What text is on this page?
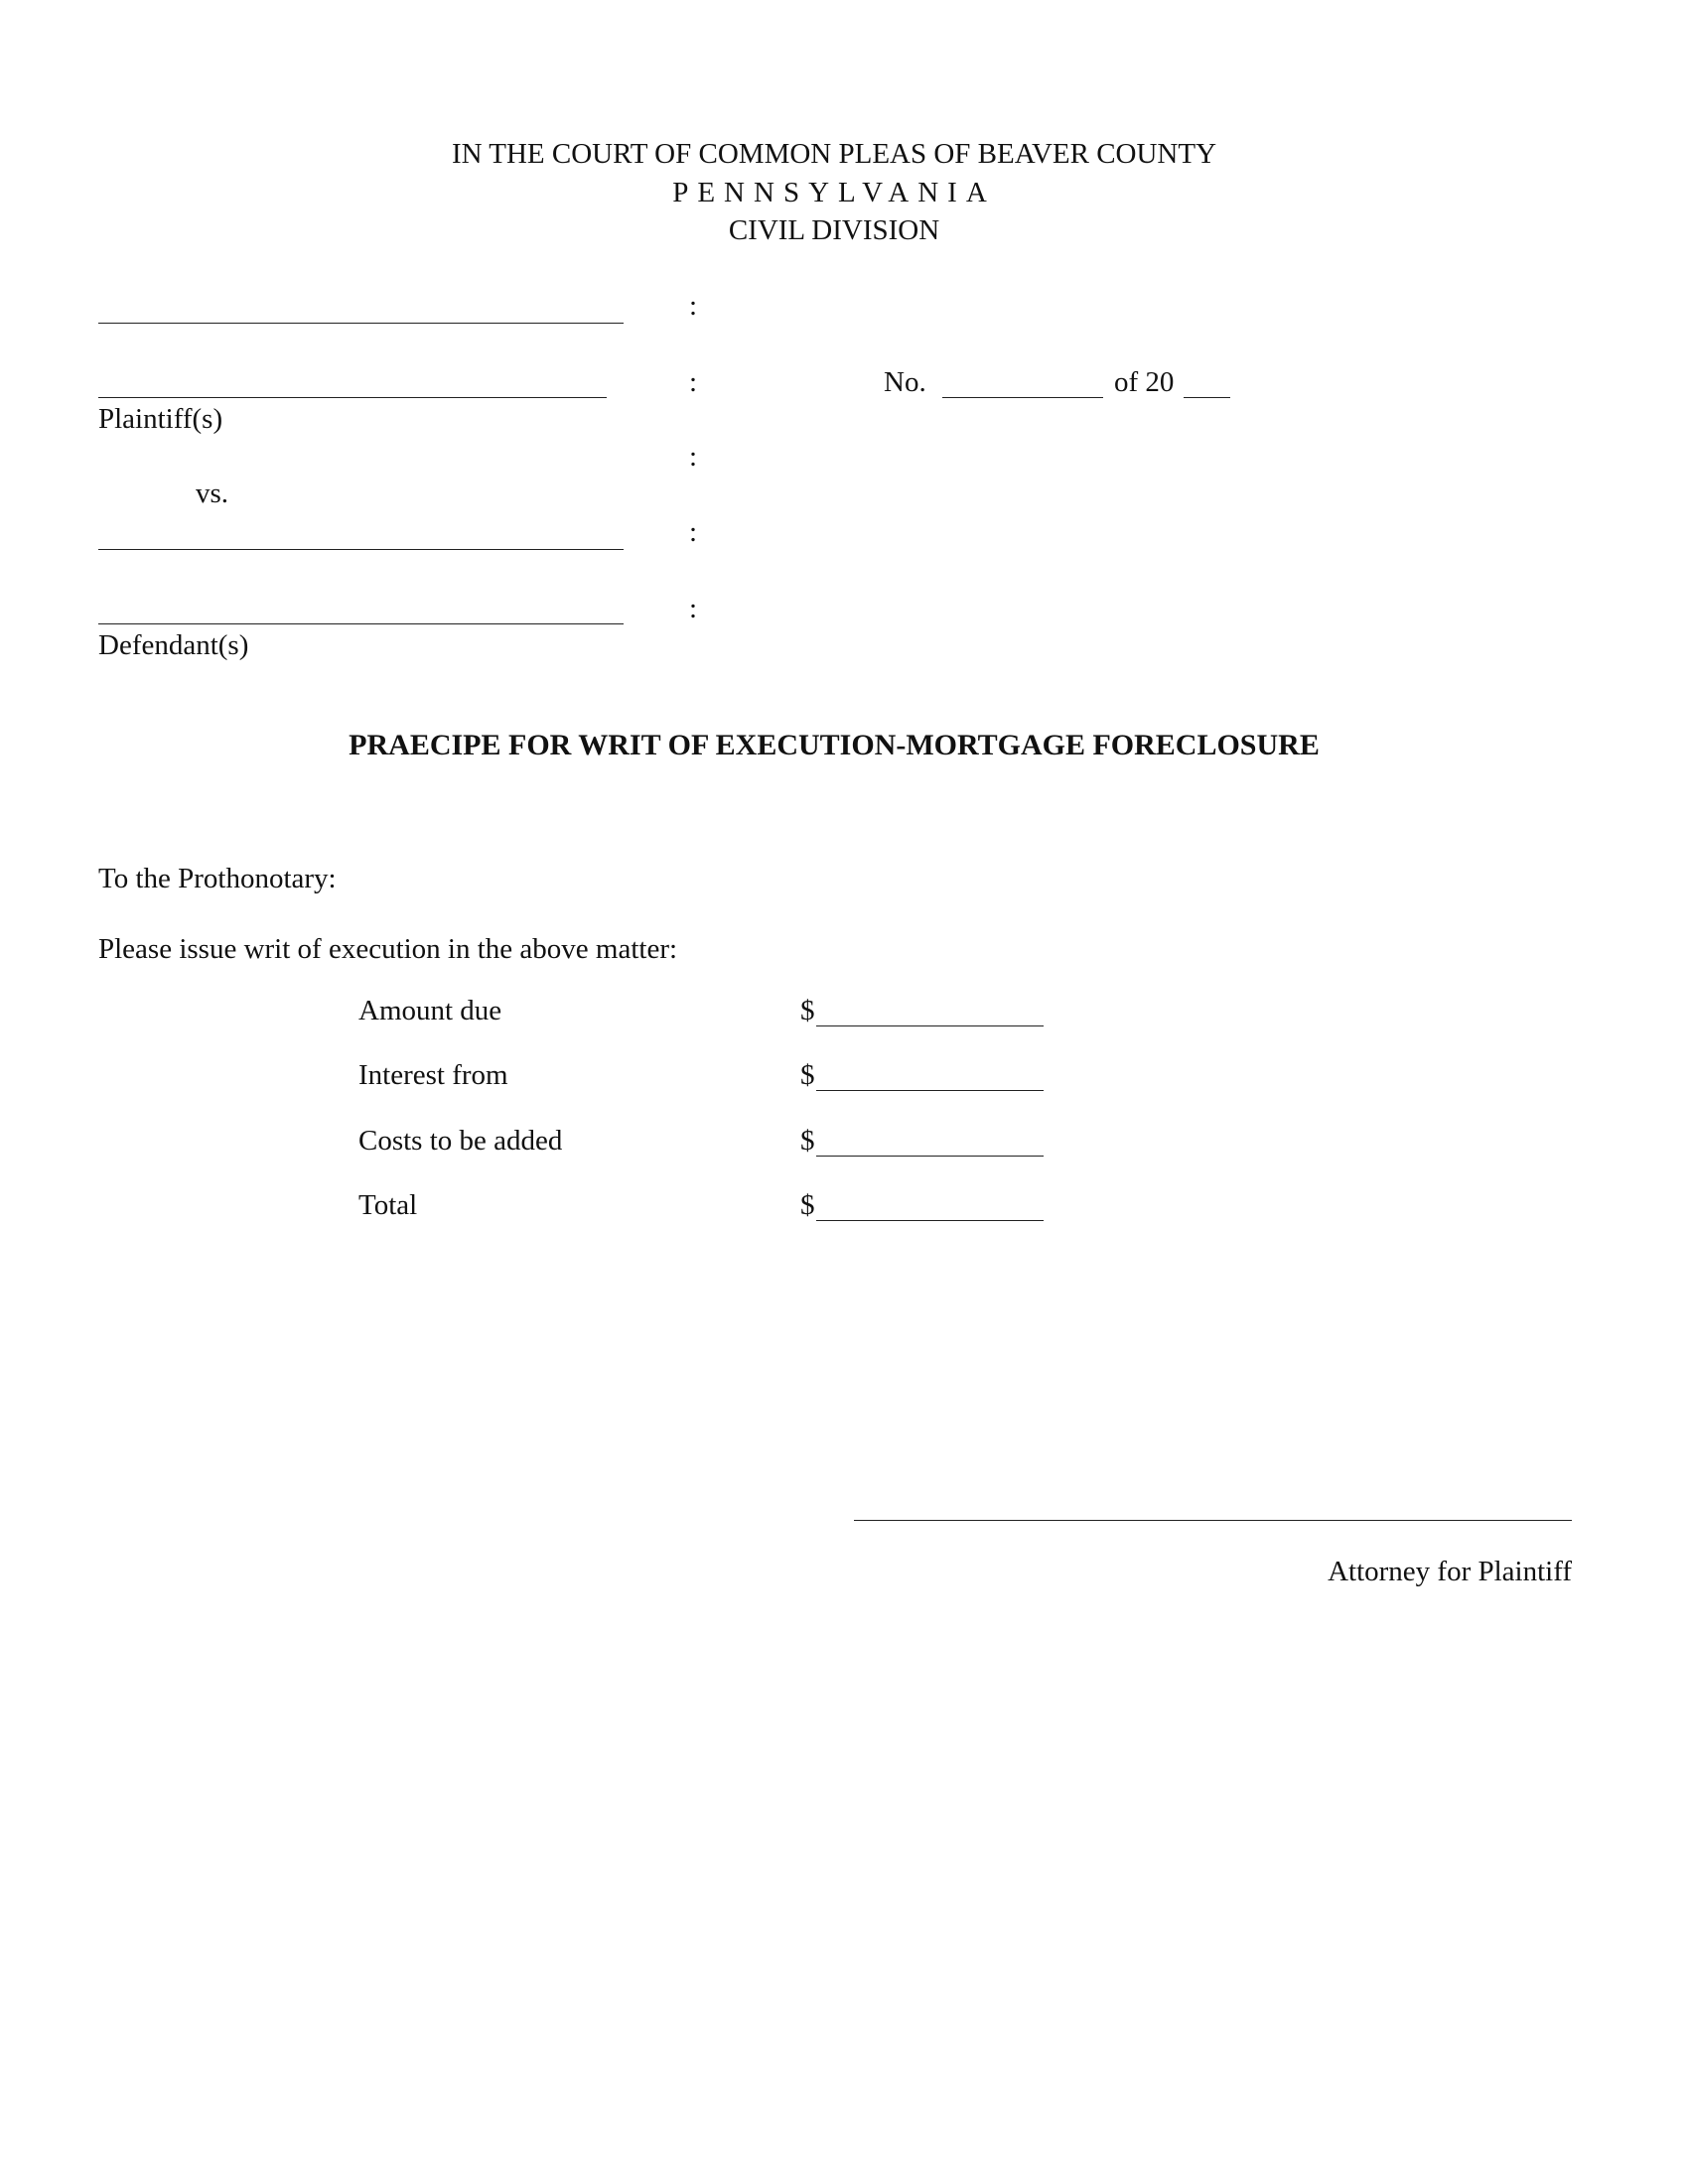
IN THE COURT OF COMMON PLEAS OF BEAVER COUNTY
PENNSYLVANIA
CIVIL DIVISION
Plaintiff(s)
vs.
Defendant(s)
:
:
:
:
:
No.	of 20
PRAECIPE FOR WRIT OF EXECUTION-MORTGAGE FORECLOSURE
To the Prothonotary:
Please issue writ of execution in the above matter:
Amount due	$
Interest from	$
Costs to be added	$
Total	$
Attorney for Plaintiff
